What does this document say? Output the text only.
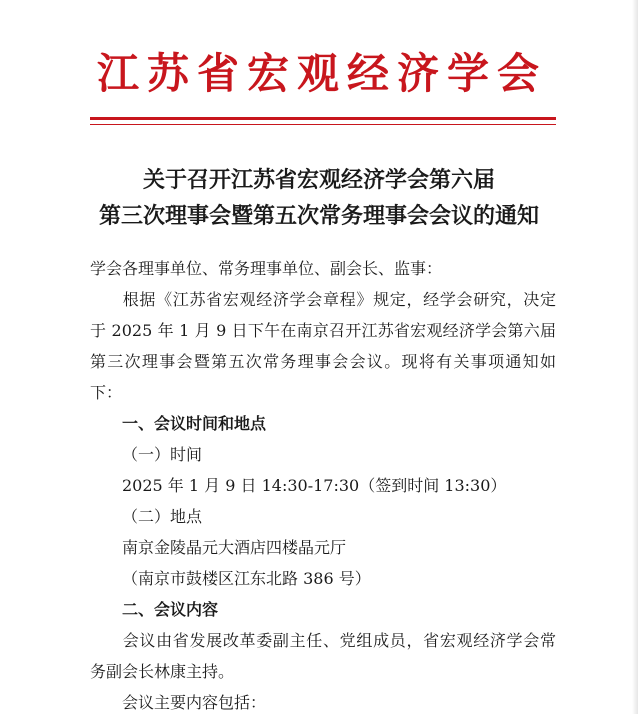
江苏省宏观经济学会
关于召开江苏省宏观经济学会第六届
第三次理事会暨第五次常务理事会会议的通知
学会各理事单位、常务理事单位、副会长、监事：
根据《江苏省宏观经济学会章程》规定，经学会研究，决定
于 2025 年 1 月 9 日下午在南京召开江苏省宏观经济学会第六届
第三次理事会暨第五次常务理事会会议。现将有关事项通知如
下：
一、会议时间和地点
（一）时间
2025 年 1 月 9 日 14:30-17:30（签到时间 13:30）
（二）地点
南京金陵晶元大酒店四楼晶元厅
（南京市鼓楼区江东北路 386 号）
二、会议内容
会议由省发展改革委副主任、党组成员，省宏观经济学会常
务副会长林康主持。
会议主要内容包括：
